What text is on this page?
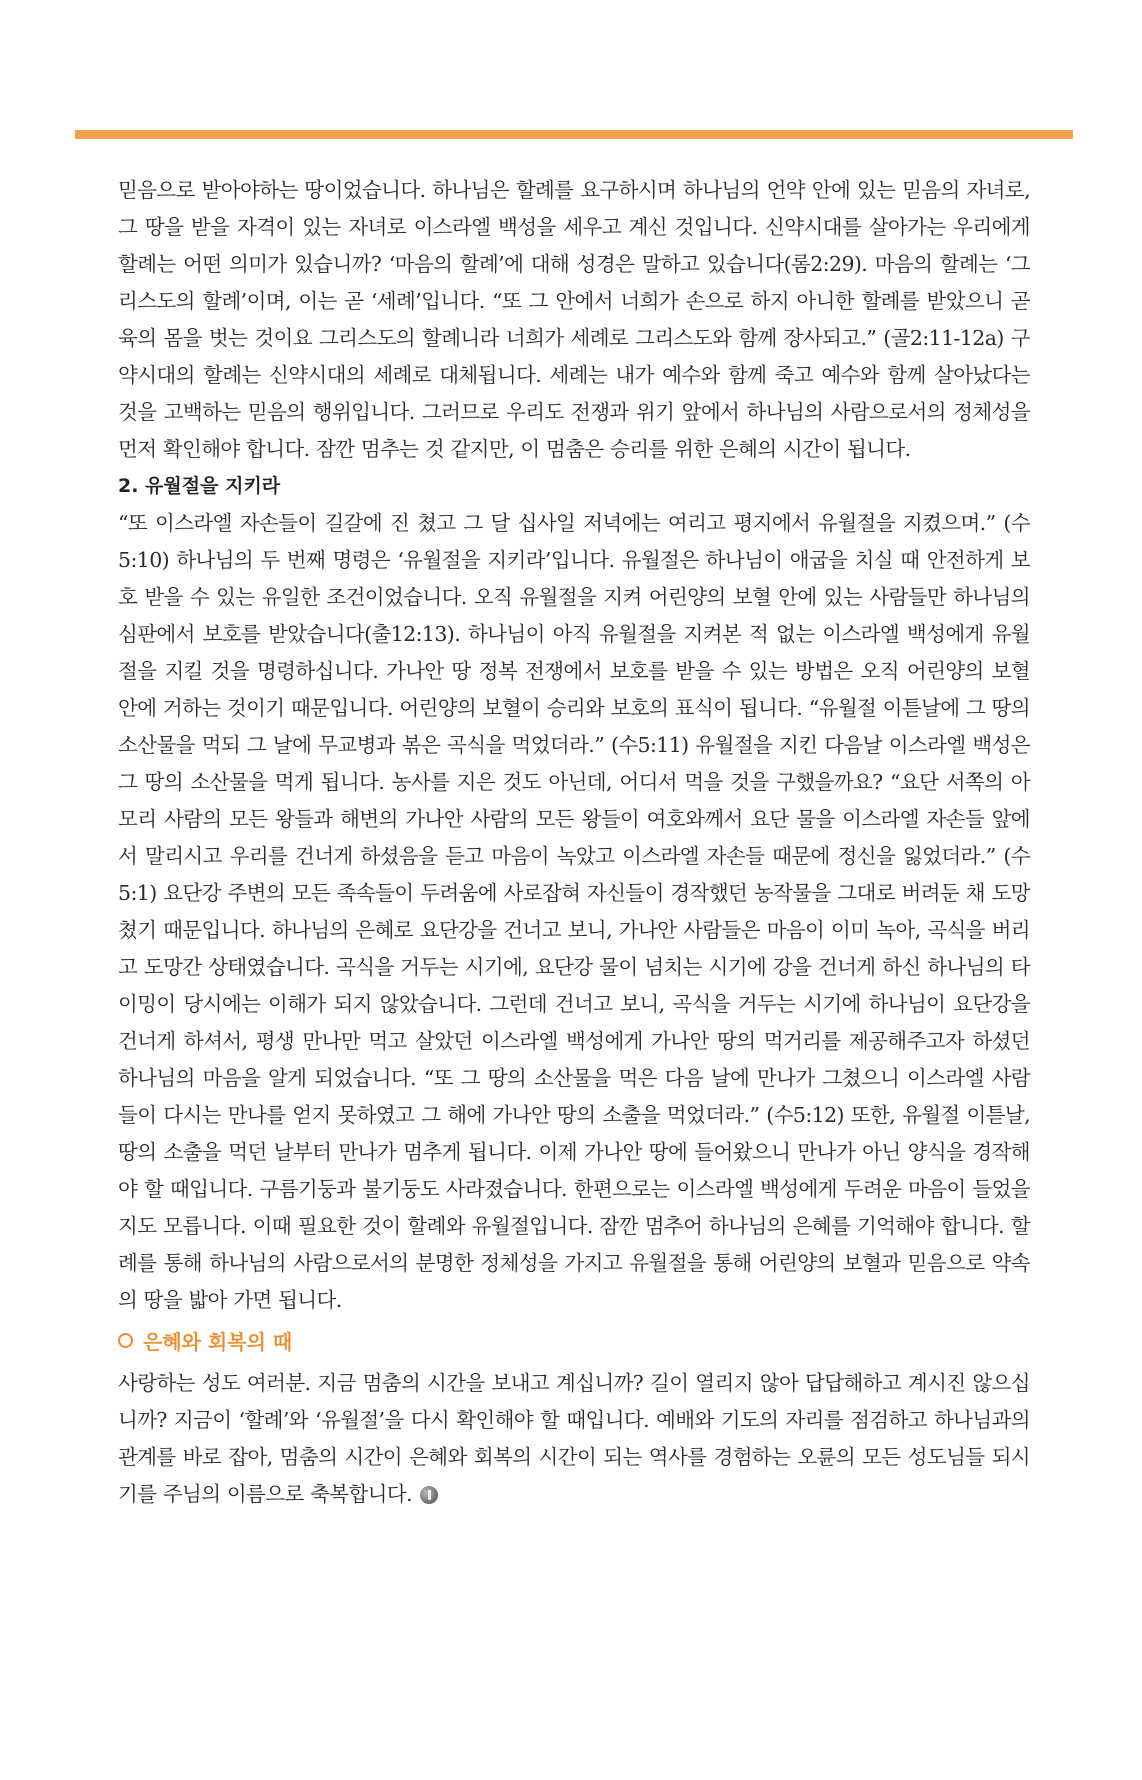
믿음으로 받아야하는 땅이었습니다. 하나님은 할례를 요구하시며 하나님의 언약 안에 있는 믿음의 자녀로, 그 땅을 받을 자격이 있는 자녀로 이스라엘 백성을 세우고 계신 것입니다. 신약시대를 살아가는 우리에게 할례는 어떤 의미가 있습니까? ‘마음의 할례’에 대해 성경은 말하고 있습니다(롬2:29). 마음의 할례는 ‘그리스도의 할례’이며, 이는 곧 ‘세례’입니다. “또 그 안에서 너희가 손으로 하지 아니한 할례를 받았으니 곧 육의 몸을 벗는 것이요 그리스도의 할례니라 너희가 세례로 그리스도와 함께 장사되고.” (골2:11-12a) 구약시대의 할례는 신약시대의 세례로 대체됩니다. 세례는 내가 예수와 함께 죽고 예수와 함께 살아났다는 것을 고백하는 믿음의 행위입니다. 그러므로 우리도 전쟁과 위기 앞에서 하나님의 사람으로서의 정체성을 먼저 확인해야 합니다. 잠깐 멈추는 것 같지만, 이 멈춤은 승리를 위한 은혜의 시간이 됩니다.

2. 유월절을 지키라

“또 이스라엘 자손들이 길갈에 진 쳤고 그 달 십사일 저녁에는 여리고 평지에서 유월절을 지켰으며.” (수5:10) 하나님의 두 번째 명령은 ‘유월절을 지키라’입니다. 유월절은 하나님이 애굽을 치실 때 안전하게 보호 받을 수 있는 유일한 조건이었습니다. 오직 유월절을 지켜 어린양의 보혈 안에 있는 사람들만 하나님의 심판에서 보호를 받았습니다(출12:13). 하나님이 아직 유월절을 지켜본 적 없는 이스라엘 백성에게 유월절을 지킬 것을 명령하십니다. 가나안 땅 정복 전쟁에서 보호를 받을 수 있는 방법은 오직 어린양의 보혈 안에 거하는 것이기 때문입니다. 어린양의 보혈이 승리와 보호의 표식이 됩니다. “유월절 이튿날에 그 땅의 소산물을 먹되 그 날에 무교병과 볶은 곡식을 먹었더라.” (수5:11) 유월절을 지킨 다음날 이스라엘 백성은 그 땅의 소산물을 먹게 됩니다. 농사를 지은 것도 아닌데, 어디서 먹을 것을 구했을까요? “요단 서쪽의 아모리 사람의 모든 왕들과 해변의 가나안 사람의 모든 왕들이 여호와께서 요단 물을 이스라엘 자손들 앞에서 말리시고 우리를 건너게 하셨음을 듣고 마음이 녹았고 이스라엘 자손들 때문에 정신을 잃었더라.” (수5:1) 요단강 주변의 모든 족속들이 두려움에 사로잡혀 자신들이 경작했던 농작물을 그대로 버려둔 채 도망쳤기 때문입니다. 하나님의 은혜로 요단강을 건너고 보니, 가나안 사람들은 마음이 이미 녹아, 곡식을 버리고 도망간 상태였습니다. 곡식을 거두는 시기에, 요단강 물이 넘치는 시기에 강을 건너게 하신 하나님의 타이밍이 당시에는 이해가 되지 않았습니다. 그런데 건너고 보니, 곡식을 거두는 시기에 하나님이 요단강을 건너게 하셔서, 평생 만나만 먹고 살았던 이스라엘 백성에게 가나안 땅의 먹거리를 제공해주고자 하셨던 하나님의 마음을 알게 되었습니다. “또 그 땅의 소산물을 먹은 다음 날에 만나가 그쳤으니 이스라엘 사람들이 다시는 만나를 얻지 못하였고 그 해에 가나안 땅의 소출을 먹었더라.” (수5:12) 또한, 유월절 이튿날, 땅의 소출을 먹던 날부터 만나가 멈추게 됩니다. 이제 가나안 땅에 들어왔으니 만나가 아닌 양식을 경작해야 할 때입니다. 구름기둥과 불기둥도 사라졌습니다. 한편으로는 이스라엘 백성에게 두려운 마음이 들었을지도 모릅니다. 이때 필요한 것이 할례와 유월절입니다. 잠깐 멈추어 하나님의 은혜를 기억해야 합니다. 할례를 통해 하나님의 사람으로서의 분명한 정체성을 가지고 유월절을 통해 어린양의 보혈과 믿음으로 약속의 땅을 밟아 가면 됩니다.

은혜와 회복의 때

사랑하는 성도 여러분. 지금 멈춤의 시간을 보내고 계십니까? 길이 열리지 않아 답답해하고 계시진 않으십니까? 지금이 ‘할례’와 ‘유월절’을 다시 확인해야 할 때입니다. 예배와 기도의 자리를 점검하고 하나님과의 관계를 바로 잡아, 멈춤의 시간이 은혜와 회복의 시간이 되는 역사를 경험하는 오륜의 모든 성도님들 되시기를 주님의 이름으로 축복합니다.
